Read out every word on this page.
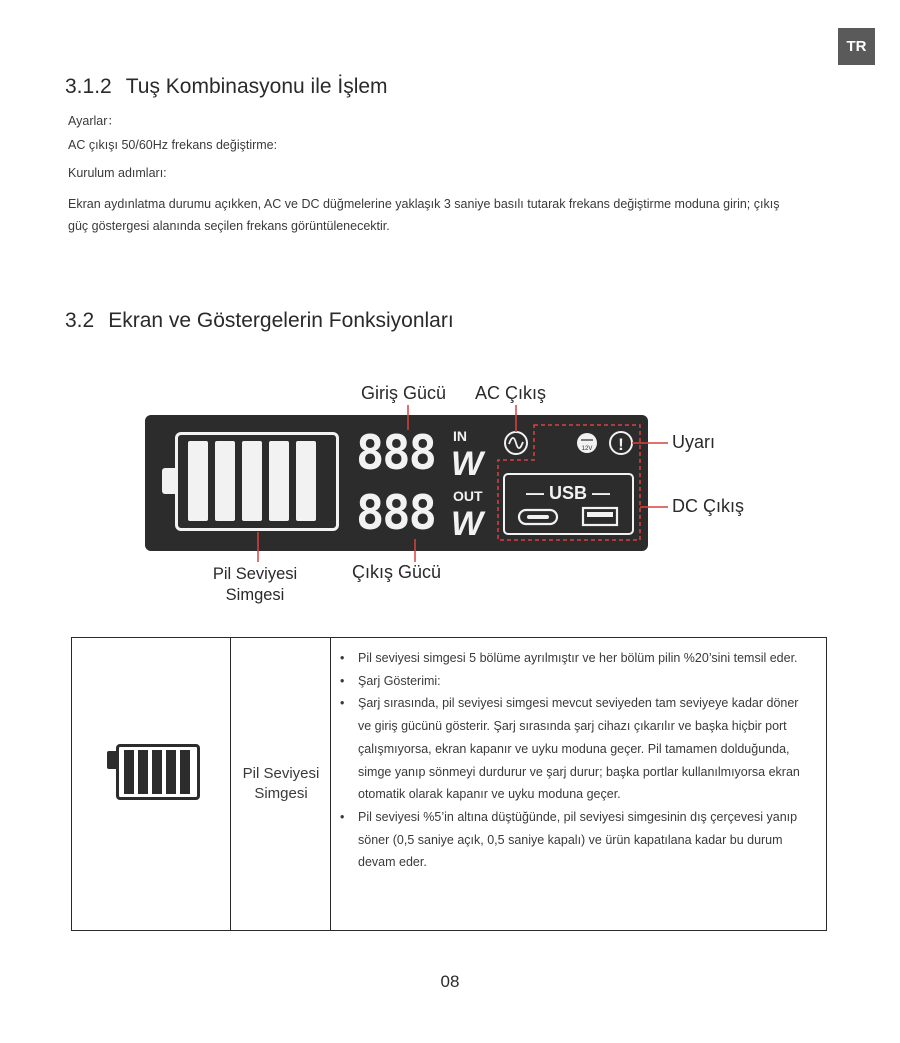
TR
3.1.2 Tuş Kombinasyonu ile İşlem
Ayarlar：
AC çıkışı 50/60Hz frekans değiştirme:
Kurulum adımları:
Ekran aydınlatma durumu açıkken, AC ve DC düğmelerine yaklaşık 3 saniye basılı tutarak frekans değiştirme moduna girin; çıkış güç göstergesi alanında seçilen frekans görüntülenecektir.
3.2 Ekran ve Göstergelerin Fonksiyonları
888
888
IN
OUT
W
W
12V !
— USB —
Giriş Gücü AC Çıkış
Uyarı
DC Çıkış
Pil Seviyesi
Simgesi
Çıkış Gücü
Pil Seviyesi
Simgesi
• Pil seviyesi simgesi 5 bölüme ayrılmıştır ve her bölüm pilin %20’sini temsil eder.
• Şarj Gösterimi:
• Şarj sırasında, pil seviyesi simgesi mevcut seviyeden tam seviyeye kadar döner ve giriş gücünü gösterir. Şarj sırasında şarj cihazı çıkarılır ve başka hiçbir port çalışmıyorsa, ekran kapanır ve uyku moduna geçer. Pil tamamen dolduğunda, simge yanıp sönmeyi durdurur ve şarj durur; başka portlar kullanılmıyorsa ekran otomatik olarak kapanır ve uyku moduna geçer.
• Pil seviyesi %5’in altına düştüğünde, pil seviyesi simgesinin dış çerçevesi yanıp söner (0,5 saniye açık, 0,5 saniye kapalı) ve ürün kapatılana kadar bu durum devam eder.
08
